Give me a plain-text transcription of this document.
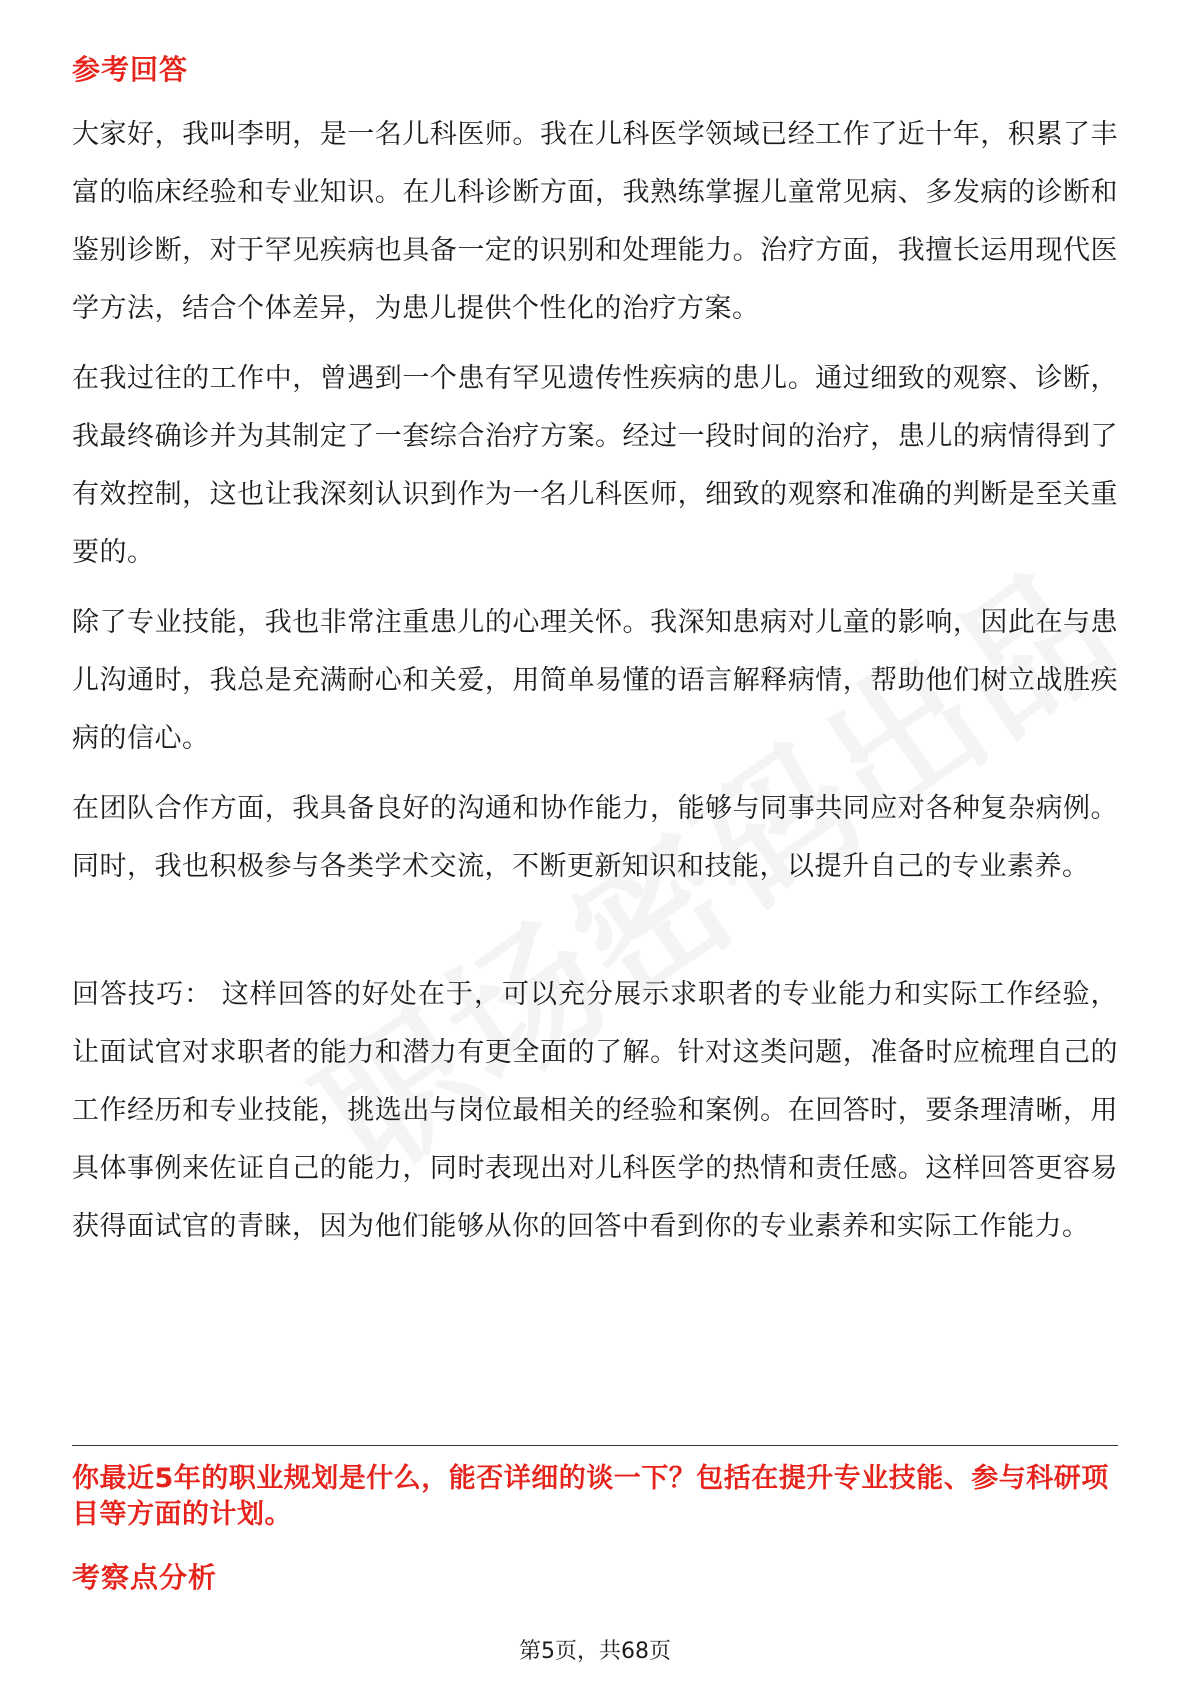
参考回答

大家好，我叫李明，是一名儿科医师。我在儿科医学领域已经工作了近十年，积累了丰富的临床经验和专业知识。在儿科诊断方面，我熟练掌握儿童常见病、多发病的诊断和鉴别诊断，对于罕见疾病也具备一定的识别和处理能力。治疗方面，我擅长运用现代医学方法，结合个体差异，为患儿提供个性化的治疗方案。

在我过往的工作中，曾遇到一个患有罕见遗传性疾病的患儿。通过细致的观察、诊断，我最终确诊并为其制定了一套综合治疗方案。经过一段时间的治疗，患儿的病情得到了有效控制，这也让我深刻认识到作为一名儿科医师，细致的观察和准确的判断是至关重要的。

除了专业技能，我也非常注重患儿的心理关怀。我深知患病对儿童的影响，因此在与患儿沟通时，我总是充满耐心和关爱，用简单易懂的语言解释病情，帮助他们树立战胜疾病的信心。

在团队合作方面，我具备良好的沟通和协作能力，能够与同事共同应对各种复杂病例。同时，我也积极参与各类学术交流，不断更新知识和技能，以提升自己的专业素养。

回答技巧： 这样回答的好处在于，可以充分展示求职者的专业能力和实际工作经验，让面试官对求职者的能力和潜力有更全面的了解。针对这类问题，准备时应梳理自己的工作经历和专业技能，挑选出与岗位最相关的经验和案例。在回答时，要条理清晰，用具体事例来佐证自己的能力，同时表现出对儿科医学的热情和责任感。这样回答更容易获得面试官的青睐，因为他们能够从你的回答中看到你的专业素养和实际工作能力。

你最近5年的职业规划是什么，能否详细的谈一下？包括在提升专业技能、参与科研项目等方面的计划。
考察点分析
第5页，共68页
